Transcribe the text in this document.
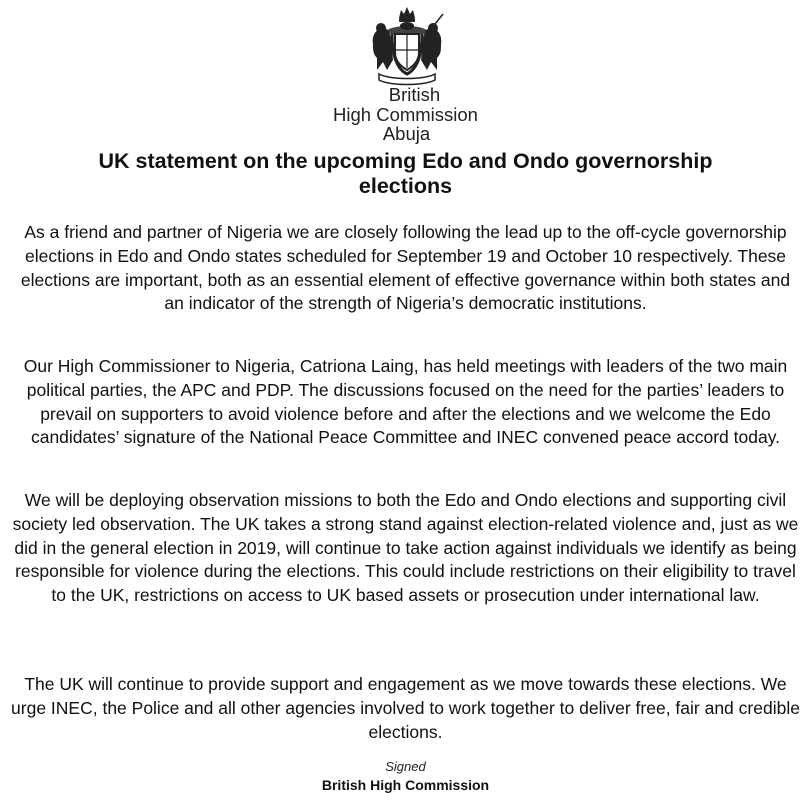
British
High Commission
Abuja
UK statement on the upcoming Edo and Ondo governorship elections

As a friend and partner of Nigeria we are closely following the lead up to the off-cycle governorship elections in Edo and Ondo states scheduled for September 19 and October 10 respectively. These elections are important, both as an essential element of effective governance within both states and an indicator of the strength of Nigeria’s democratic institutions.

Our High Commissioner to Nigeria, Catriona Laing, has held meetings with leaders of the two main political parties, the APC and PDP. The discussions focused on the need for the parties’ leaders to prevail on supporters to avoid violence before and after the elections and we welcome the Edo candidates’ signature of the National Peace Committee and INEC convened peace accord today.

We will be deploying observation missions to both the Edo and Ondo elections and supporting civil society led observation. The UK takes a strong stand against election-related violence and, just as we did in the general election in 2019, will continue to take action against individuals we identify as being responsible for violence during the elections. This could include restrictions on their eligibility to travel to the UK, restrictions on access to UK based assets or prosecution under international law.

The UK will continue to provide support and engagement as we move towards these elections. We urge INEC, the Police and all other agencies involved to work together to deliver free, fair and credible elections.

Signed
British High Commission
